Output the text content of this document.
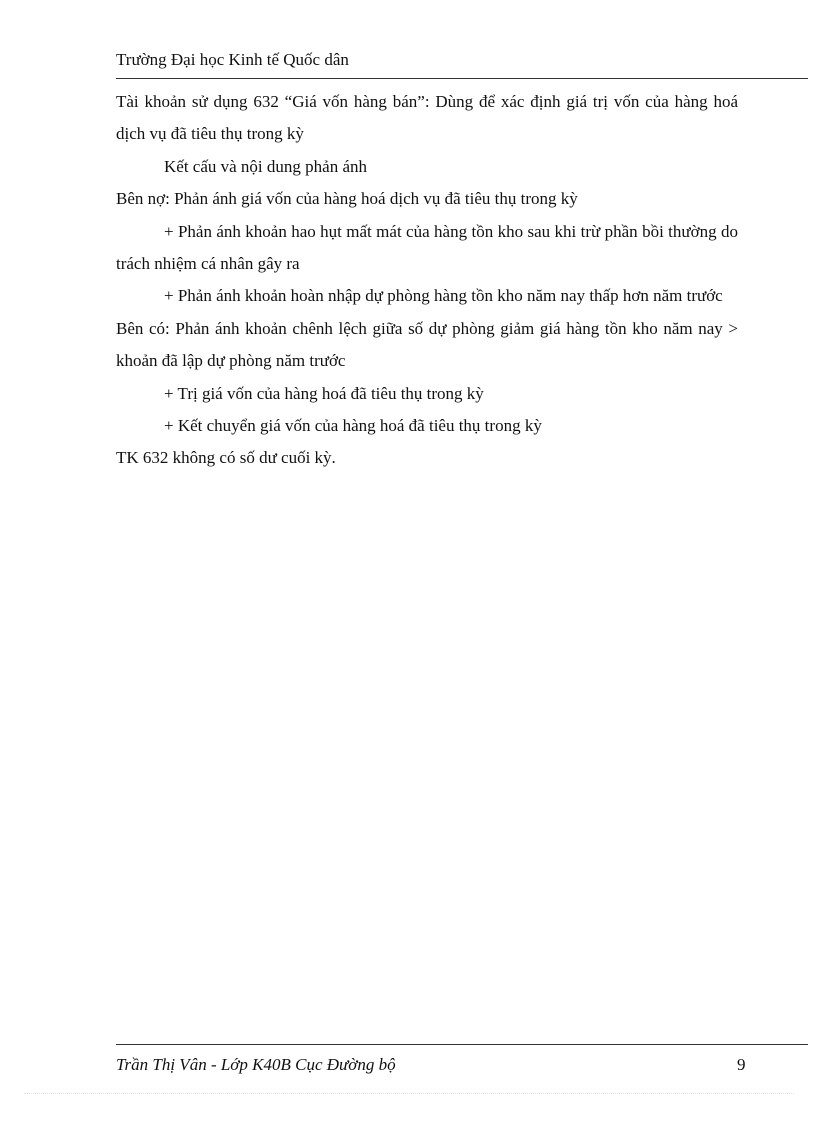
Trường Đại học Kinh tế Quốc dân

Tài khoản sử dụng 632 “Giá vốn hàng bán”: Dùng để xác định giá trị vốn của hàng hoá dịch vụ đã tiêu thụ trong kỳ

Kết cấu và nội dung phản ánh

Bên nợ: Phản ánh giá vốn của hàng hoá dịch vụ đã tiêu thụ trong kỳ

+ Phản ánh khoản hao hụt mất mát của hàng tồn kho sau khi trừ phần bồi thường do trách nhiệm cá nhân gây ra

+ Phản ánh khoản hoàn nhập dự phòng hàng tồn kho năm nay thấp hơn năm trước

Bên có: Phản ánh khoản chênh lệch giữa số dự phòng giảm giá hàng tồn kho năm nay > khoản đã lập dự phòng năm trước

+ Trị giá vốn của hàng hoá đã tiêu thụ trong kỳ

+ Kết chuyển giá vốn của hàng hoá đã tiêu thụ trong kỳ

TK 632 không có số dư cuối kỳ.

Trần Thị Vân - Lớp K40B Cục Đường bộ	9
